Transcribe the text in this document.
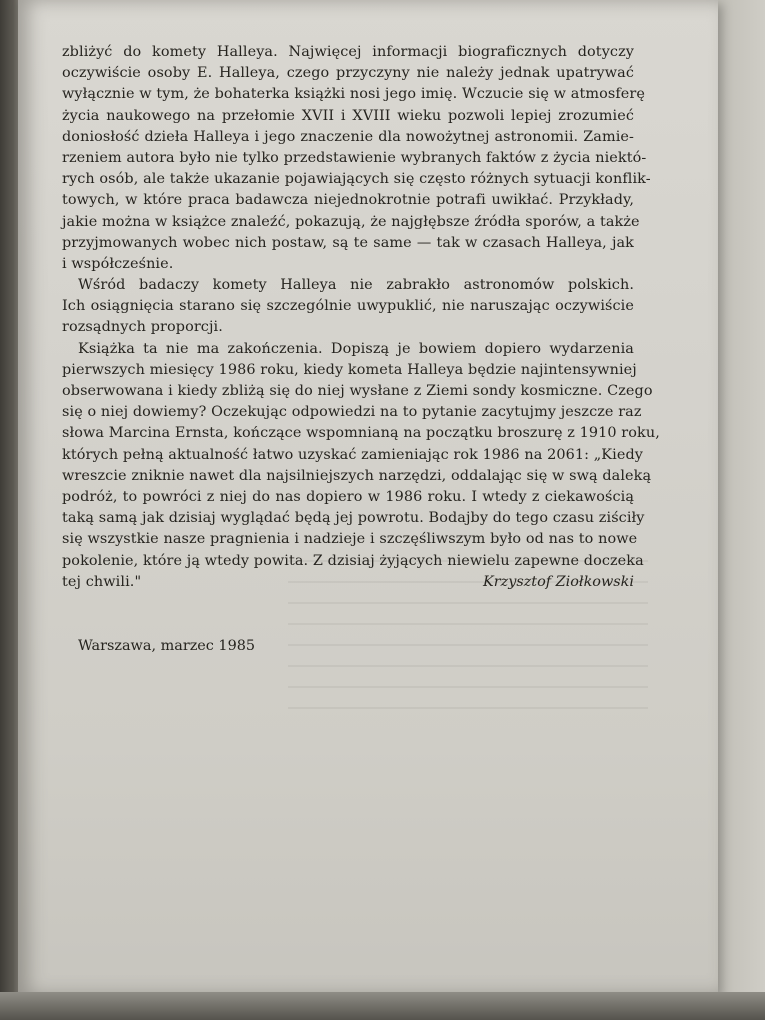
zbliżyć do komety Halleya. Najwięcej informacji biograficznych dotyczy
oczywiście osoby E. Halleya, czego przyczyny nie należy jednak upatrywać
wyłącznie w tym, że bohaterka książki nosi jego imię. Wczucie się w atmosferę
życia naukowego na przełomie XVII i XVIII wieku pozwoli lepiej zrozumieć
doniosłość dzieła Halleya i jego znaczenie dla nowożytnej astronomii. Zamie-
rzeniem autora było nie tylko przedstawienie wybranych faktów z życia niektó-
rych osób, ale także ukazanie pojawiających się często różnych sytuacji konflik-
towych, w które praca badawcza niejednokrotnie potrafi uwikłać. Przykłady,
jakie można w książce znaleźć, pokazują, że najgłębsze źródła sporów, a także
przyjmowanych wobec nich postaw, są te same — tak w czasach Halleya, jak
i współcześnie.
Wśród badaczy komety Halleya nie zabrakło astronomów polskich.
Ich osiągnięcia starano się szczególnie uwypuklić, nie naruszając oczywiście
rozsądnych proporcji.
Książka ta nie ma zakończenia. Dopiszą je bowiem dopiero wydarzenia
pierwszych miesięcy 1986 roku, kiedy kometa Halleya będzie najintensywniej
obserwowana i kiedy zbliżą się do niej wysłane z Ziemi sondy kosmiczne. Czego
się o niej dowiemy? Oczekując odpowiedzi na to pytanie zacytujmy jeszcze raz
słowa Marcina Ernsta, kończące wspomnianą na początku broszurę z 1910 roku,
których pełną aktualność łatwo uzyskać zamieniając rok 1986 na 2061: „Kiedy
wreszcie zniknie nawet dla najsilniejszych narzędzi, oddalając się w swą daleką
podróż, to powróci z niej do nas dopiero w 1986 roku. I wtedy z ciekawością
taką samą jak dzisiaj wyglądać będą jej powrotu. Bodajby do tego czasu ziściły
się wszystkie nasze pragnienia i nadzieje i szczęśliwszym było od nas to nowe
pokolenie, które ją wtedy powita. Z dzisiaj żyjących niewielu zapewne doczeka
tej chwili."	Krzysztof Ziołkowski
Warszawa, marzec 1985
